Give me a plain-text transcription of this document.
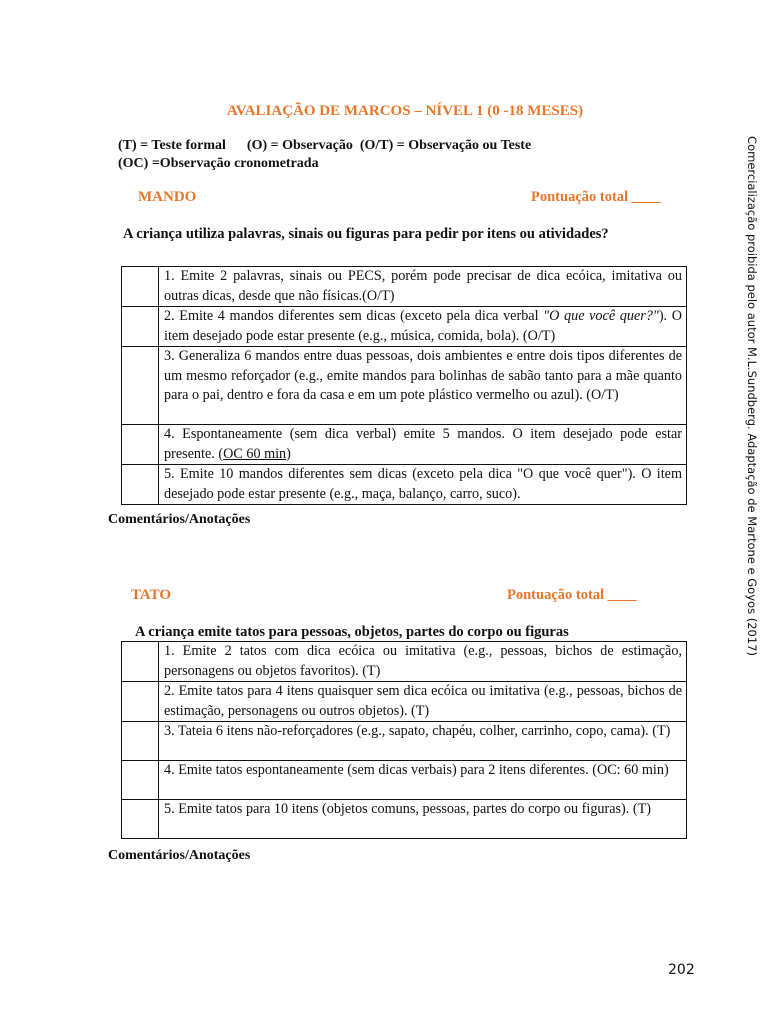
AVALIAÇÃO DE MARCOS – NÍVEL 1 (0 -18 MESES)
(T) = Teste formal      (O) = Observação  (O/T) = Observação ou Teste
(OC) =Observação cronometrada
MANDO	Pontuação total ____
A criança utiliza palavras, sinais ou figuras para pedir por itens ou atividades?
	1. Emite 2 palavras, sinais ou PECS, porém pode precisar de dica ecóica, imitativa ou outras dicas, desde que não físicas.(O/T)
	2. Emite 4 mandos diferentes sem dicas (exceto pela dica verbal "O que você quer?"). O item desejado pode estar presente (e.g., música, comida, bola). (O/T)
	3. Generaliza 6 mandos entre duas pessoas, dois ambientes e entre dois tipos diferentes de um mesmo reforçador (e.g., emite mandos para bolinhas de sabão tanto para a mãe quanto para o pai, dentro e fora da casa e em um pote plástico vermelho ou azul). (O/T)
	4. Espontaneamente (sem dica verbal) emite 5 mandos. O item desejado pode estar presente. (OC 60 min)
	5. Emite 10 mandos diferentes sem dicas (exceto pela dica "O que você quer"). O item desejado pode estar presente (e.g., maça, balanço, carro, suco).
Comentários/Anotações
TATO	Pontuação total ____
A criança emite tatos para pessoas, objetos, partes do corpo ou figuras
	1. Emite 2 tatos com dica ecóica ou imitativa (e.g., pessoas, bichos de estimação, personagens ou objetos favoritos). (T)
	2. Emite tatos para 4 itens quaisquer sem dica ecóica ou imitativa (e.g., pessoas, bichos de estimação, personagens ou outros objetos). (T)
	3. Tateia 6 itens não-reforçadores (e.g., sapato, chapéu, colher, carrinho, copo, cama). (T)
	4. Emite tatos espontaneamente (sem dicas verbais) para 2 itens diferentes. (OC: 60 min)
	5. Emite tatos para 10 itens (objetos comuns, pessoas, partes do corpo ou figuras). (T)
Comentários/Anotações
Comercialização proibida pelo autor M.L.Sundberg. Adaptação de Martone e Goyos (2017)
202
